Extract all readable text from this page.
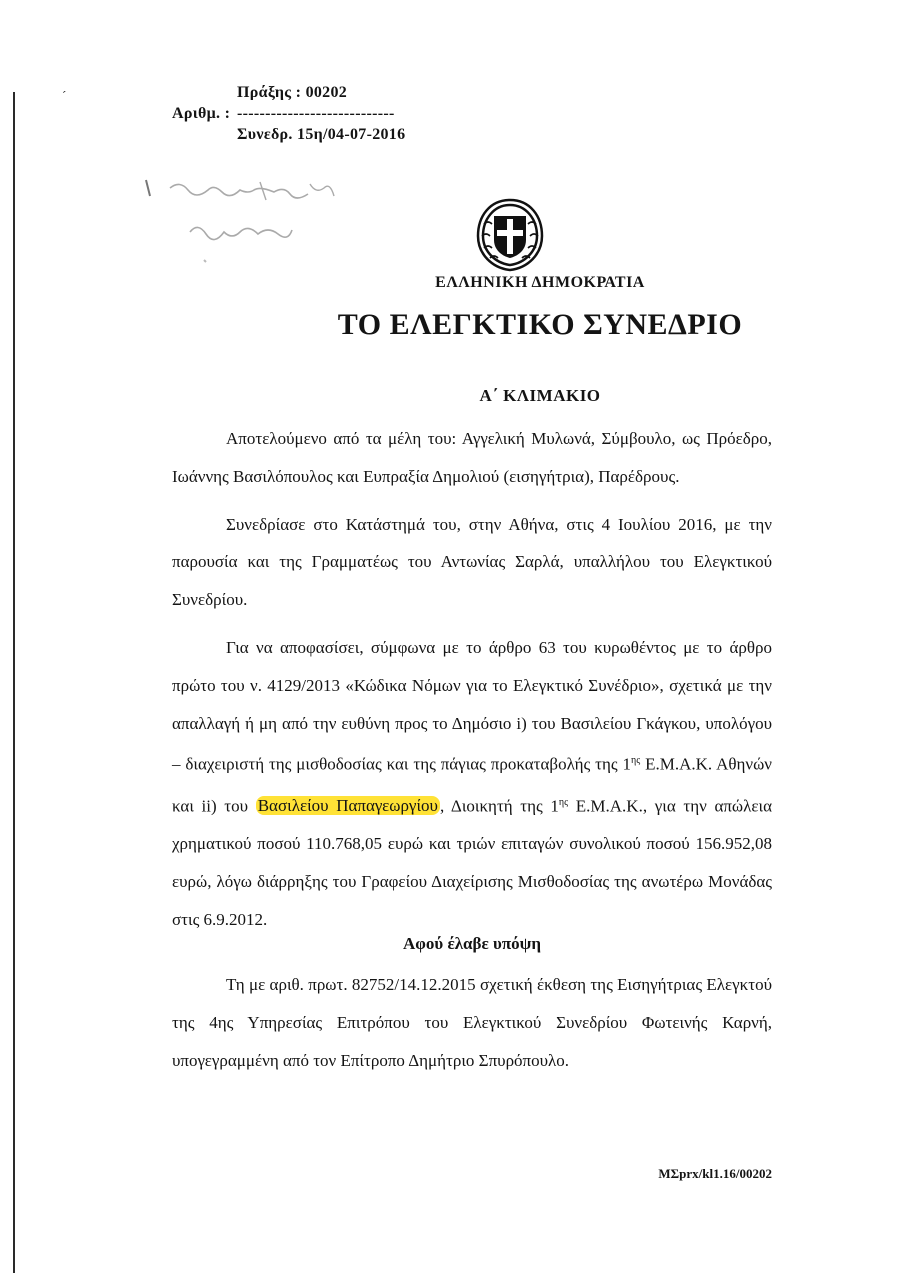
ˊ	Πράξης : 00202
Αριθμ. : ----------------------------
Συνεδρ. 15η/04-07-2016
ΕΛΛΗΝΙΚΗ ΔΗΜΟΚΡΑΤΙΑ
ΤΟ ΕΛΕΓΚΤΙΚΟ ΣΥΝΕΔΡΙΟ
Α΄ ΚΛΙΜΑΚΙΟ

Αποτελούμενο από τα μέλη του: Αγγελική Μυλωνά, Σύμβουλο, ως Πρόεδρο, Ιωάννης Βασιλόπουλος και Ευπραξία Δημολιού (εισηγήτρια), Παρέδρους.

Συνεδρίασε στο Κατάστημά του, στην Αθήνα, στις 4 Ιουλίου 2016, με την παρουσία και της Γραμματέως του Αντωνίας Σαρλά, υπαλλήλου του Ελεγκτικού Συνεδρίου.

Για να αποφασίσει, σύμφωνα με το άρθρο 63 του κυρωθέντος με το άρθρο πρώτο του ν. 4129/2013 «Κώδικα Νόμων για το Ελεγκτικό Συνέδριο», σχετικά με την απαλλαγή ή μη από την ευθύνη προς το Δημόσιο i) του Βασιλείου Γκάγκου, υπολόγου – διαχειριστή της μισθοδοσίας και της πάγιας προκαταβολής της $1^{\eta\varsigma}$ Ε.Μ.Α.Κ. Αθηνών και ii) του Βασιλείου Παπαγεωργίου , Διοικητή της $1^{\eta\varsigma}$ Ε.Μ.Α.Κ., για την απώλεια χρηματικού ποσού 110.768,05 ευρώ και τριών επιταγών συνολικού ποσού 156.952,08 ευρώ, λόγω διάρρηξης του Γραφείου Διαχείρισης Μισθοδοσίας της ανωτέρω Μονάδας στις 6.9.2012.

Αφού έλαβε υπόψη

Τη με αριθ. πρωτ. 82752/14.12.2015 σχετική έκθεση της Εισηγήτριας Ελεγκτού της 4ης Υπηρεσίας Επιτρόπου του Ελεγκτικού Συνεδρίου Φωτεινής Καρνή, υπογεγραμμένη από τον Επίτροπο Δημήτριο Σπυρόπουλο.

ΜΣprx/kl1.16/00202
